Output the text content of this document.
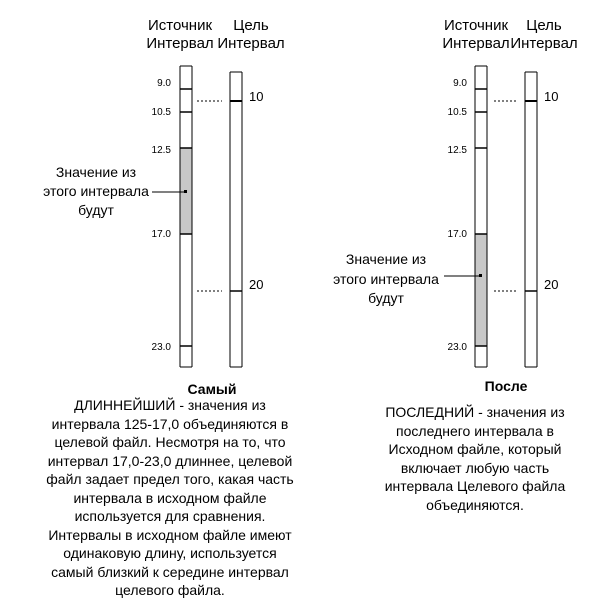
Источник
Интервал
Цель
Интервал
9.0
10.5
12.5
17.0
23.0
10
20
Значение из
этого интервала
будут
Самый
Источник
Интервал
Цель
Интервал
9.0
10.5
12.5
17.0
23.0
10
20
Значение из
этого интервала
будут
После
ДЛИННЕЙШИЙ - значения из
интервала 125-17,0 объединяются в
целевой файл. Несмотря на то, что
интервал 17,0-23,0 длиннее, целевой
файл задает предел того, какая часть
интервала в исходном файле
используется для сравнения.
Интервалы в исходном файле имеют
одинаковую длину, используется
самый близкий к середине интервал
целевого файла.
ПОСЛЕДНИЙ - значения из
последнего интервала в
Исходном файле, который
включает любую часть
интервала Целевого файла
объединяются.
